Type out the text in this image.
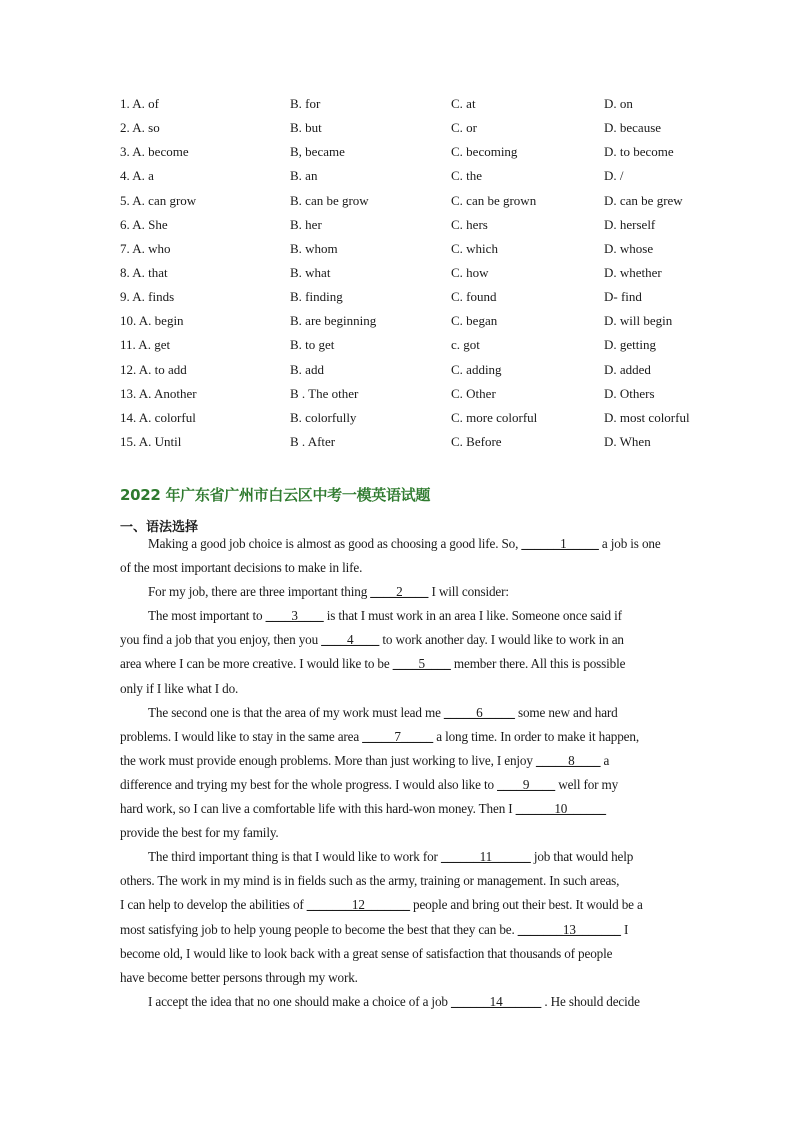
1. A. of	B. for	C. at	D. on
2. A. so	B. but	C. or	D. because
3. A. become	B, became	C. becoming	D. to become
4. A. a	B. an	C. the	D. /
5. A. can grow	B. can be grow	C. can be grown	D. can be grew
6. A. She	B. her	C. hers	D. herself
7. A. who	B. whom	C. which	D. whose
8. A. that	B. what	C. how	D. whether
9. A. finds	B. finding	C. found	D- find
10. A. begin	B. are beginning	C. began	D. will begin
11. A. get	B. to get	c. got	D. getting
12. A. to add	B. add	C. adding	D. added
13. A. Another	B . The other	C. Other	D. Others
14. A. colorful	B. colorfully	C. more colorful	D. most colorful
15. A. Until	B . After	C. Before	D. When
2022 年广东省广州市白云区中考一模英语试题
一、语法选择
Making a good job choice is almost as good as choosing a good life. So, ______1_____ a job is one
of the most important decisions to make in life.
For my job, there are three important thing ____2____ I will consider:
The most important to ____3____ is that I must work in an area I like. Someone once said if
you find a job that you enjoy, then you ____4____ to work another day. I would like to work in an
area where I can be more creative. I would like to be ____5____ member there. All this is possible
only if I like what I do.
The second one is that the area of my work must lead me _____6_____ some new and hard
problems. I would like to stay in the same area _____7_____ a long time. In order to make it happen,
the work must provide enough problems. More than just working to live, I enjoy _____8____ a
difference and trying my best for the whole progress. I would also like to ____9____ well for my
hard work, so I can live a comfortable life with this hard-won money. Then I ______10______
provide the best for my family.
The third important thing is that I would like to work for ______11______ job that would help
others. The work in my mind is in fields such as the army, training or management. In such areas,
I can help to develop the abilities of _______12_______ people and bring out their best. It would be a
most satisfying job to help young people to become the best that they can be. _______13_______ I
become old, I would like to look back with a great sense of satisfaction that thousands of people
have become better persons through my work.
I accept the idea that no one should make a choice of a job ______14______ . He should decide
